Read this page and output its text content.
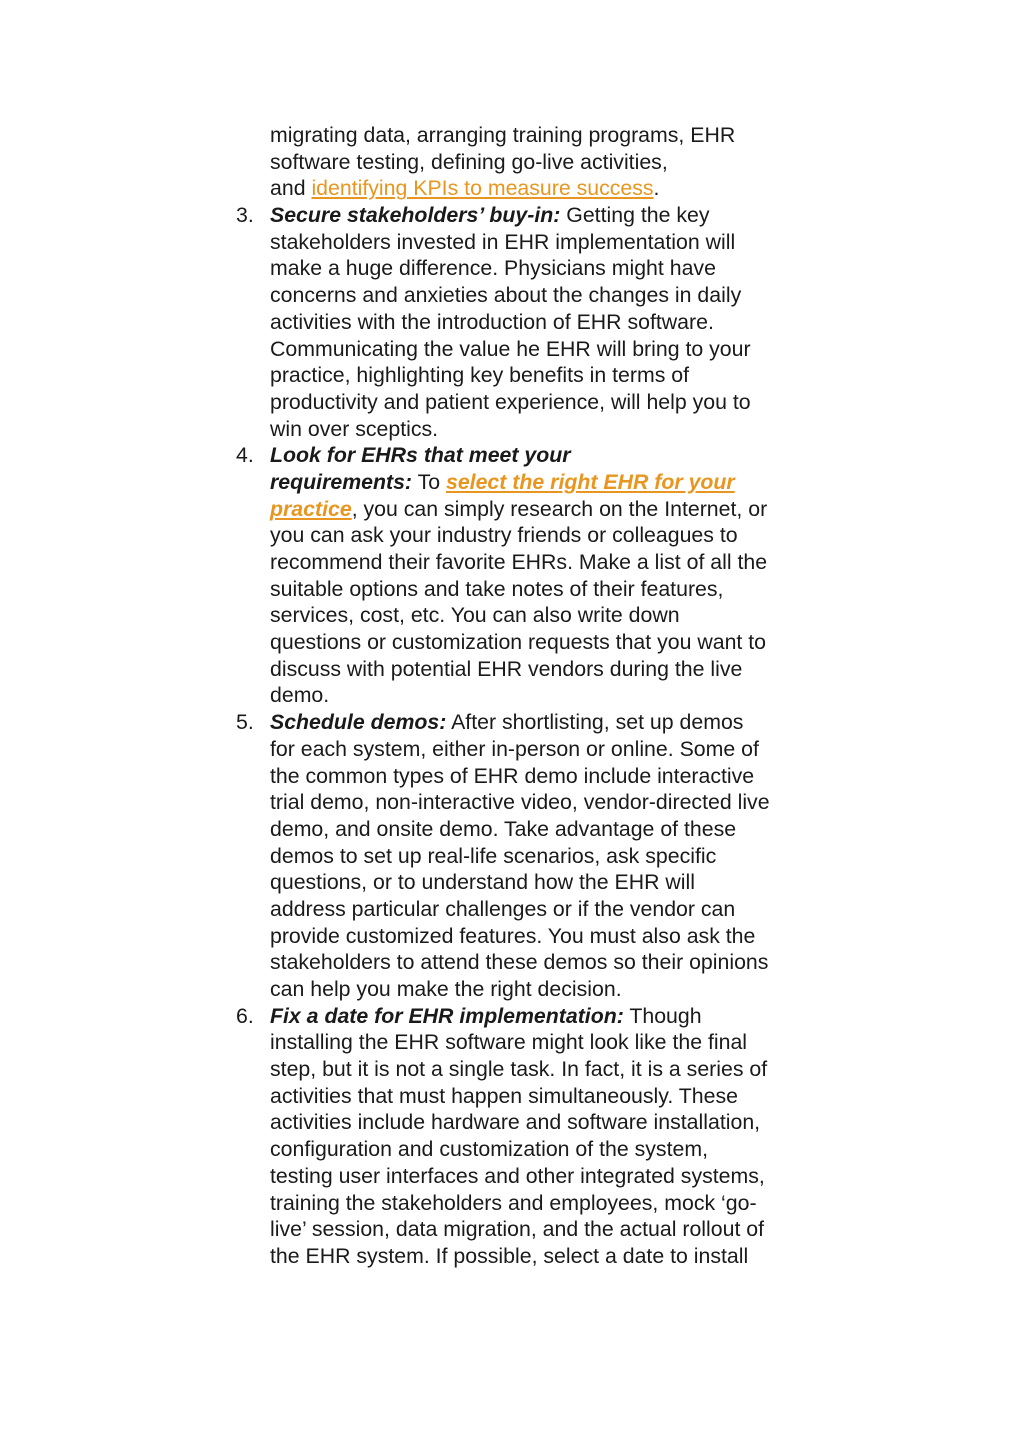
migrating data, arranging training programs, EHR
software testing, defining go-live activities,
and identifying KPIs to measure success.
3. Secure stakeholders’ buy-in: Getting the key
stakeholders invested in EHR implementation will
make a huge difference. Physicians might have
concerns and anxieties about the changes in daily
activities with the introduction of EHR software.
Communicating the value he EHR will bring to your
practice, highlighting key benefits in terms of
productivity and patient experience, will help you to
win over sceptics.
4. Look for EHRs that meet your
requirements: To select the right EHR for your
practice, you can simply research on the Internet, or
you can ask your industry friends or colleagues to
recommend their favorite EHRs. Make a list of all the
suitable options and take notes of their features,
services, cost, etc. You can also write down
questions or customization requests that you want to
discuss with potential EHR vendors during the live
demo.
5. Schedule demos: After shortlisting, set up demos
for each system, either in-person or online. Some of
the common types of EHR demo include interactive
trial demo, non-interactive video, vendor-directed live
demo, and onsite demo. Take advantage of these
demos to set up real-life scenarios, ask specific
questions, or to understand how the EHR will
address particular challenges or if the vendor can
provide customized features. You must also ask the
stakeholders to attend these demos so their opinions
can help you make the right decision.
6. Fix a date for EHR implementation: Though
installing the EHR software might look like the final
step, but it is not a single task. In fact, it is a series of
activities that must happen simultaneously. These
activities include hardware and software installation,
configuration and customization of the system,
testing user interfaces and other integrated systems,
training the stakeholders and employees, mock ‘go-
live’ session, data migration, and the actual rollout of
the EHR system. If possible, select a date to install
